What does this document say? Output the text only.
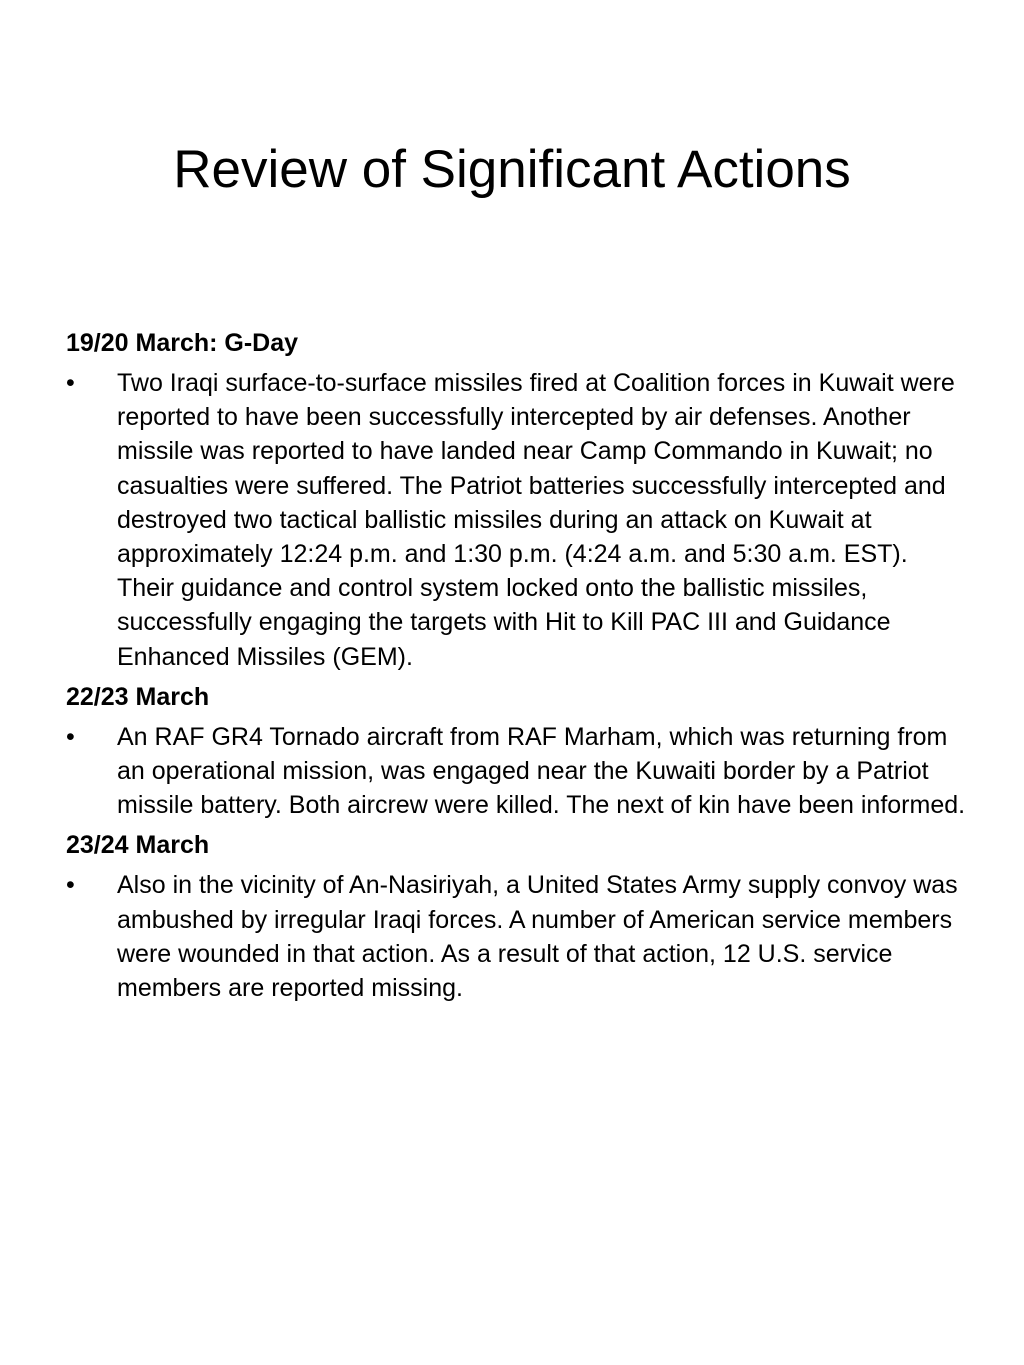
Review of Significant Actions

19/20 March: G-Day

• Two Iraqi surface-to-surface missiles fired at Coalition forces in Kuwait were reported to have been successfully intercepted by air defenses. Another missile was reported to have landed near Camp Commando in Kuwait; no casualties were suffered. The Patriot batteries successfully intercepted and destroyed two tactical ballistic missiles during an attack on Kuwait at approximately 12:24 p.m. and 1:30 p.m. (4:24 a.m. and 5:30 a.m. EST). Their guidance and control system locked onto the ballistic missiles, successfully engaging the targets with Hit to Kill PAC III and Guidance Enhanced Missiles (GEM).

22/23 March

• An RAF GR4 Tornado aircraft from RAF Marham, which was returning from an operational mission, was engaged near the Kuwaiti border by a Patriot missile battery. Both aircrew were killed. The next of kin have been informed.

23/24 March

• Also in the vicinity of An-Nasiriyah, a United States Army supply convoy was ambushed by irregular Iraqi forces. A number of American service members were wounded in that action. As a result of that action, 12 U.S. service members are reported missing.
